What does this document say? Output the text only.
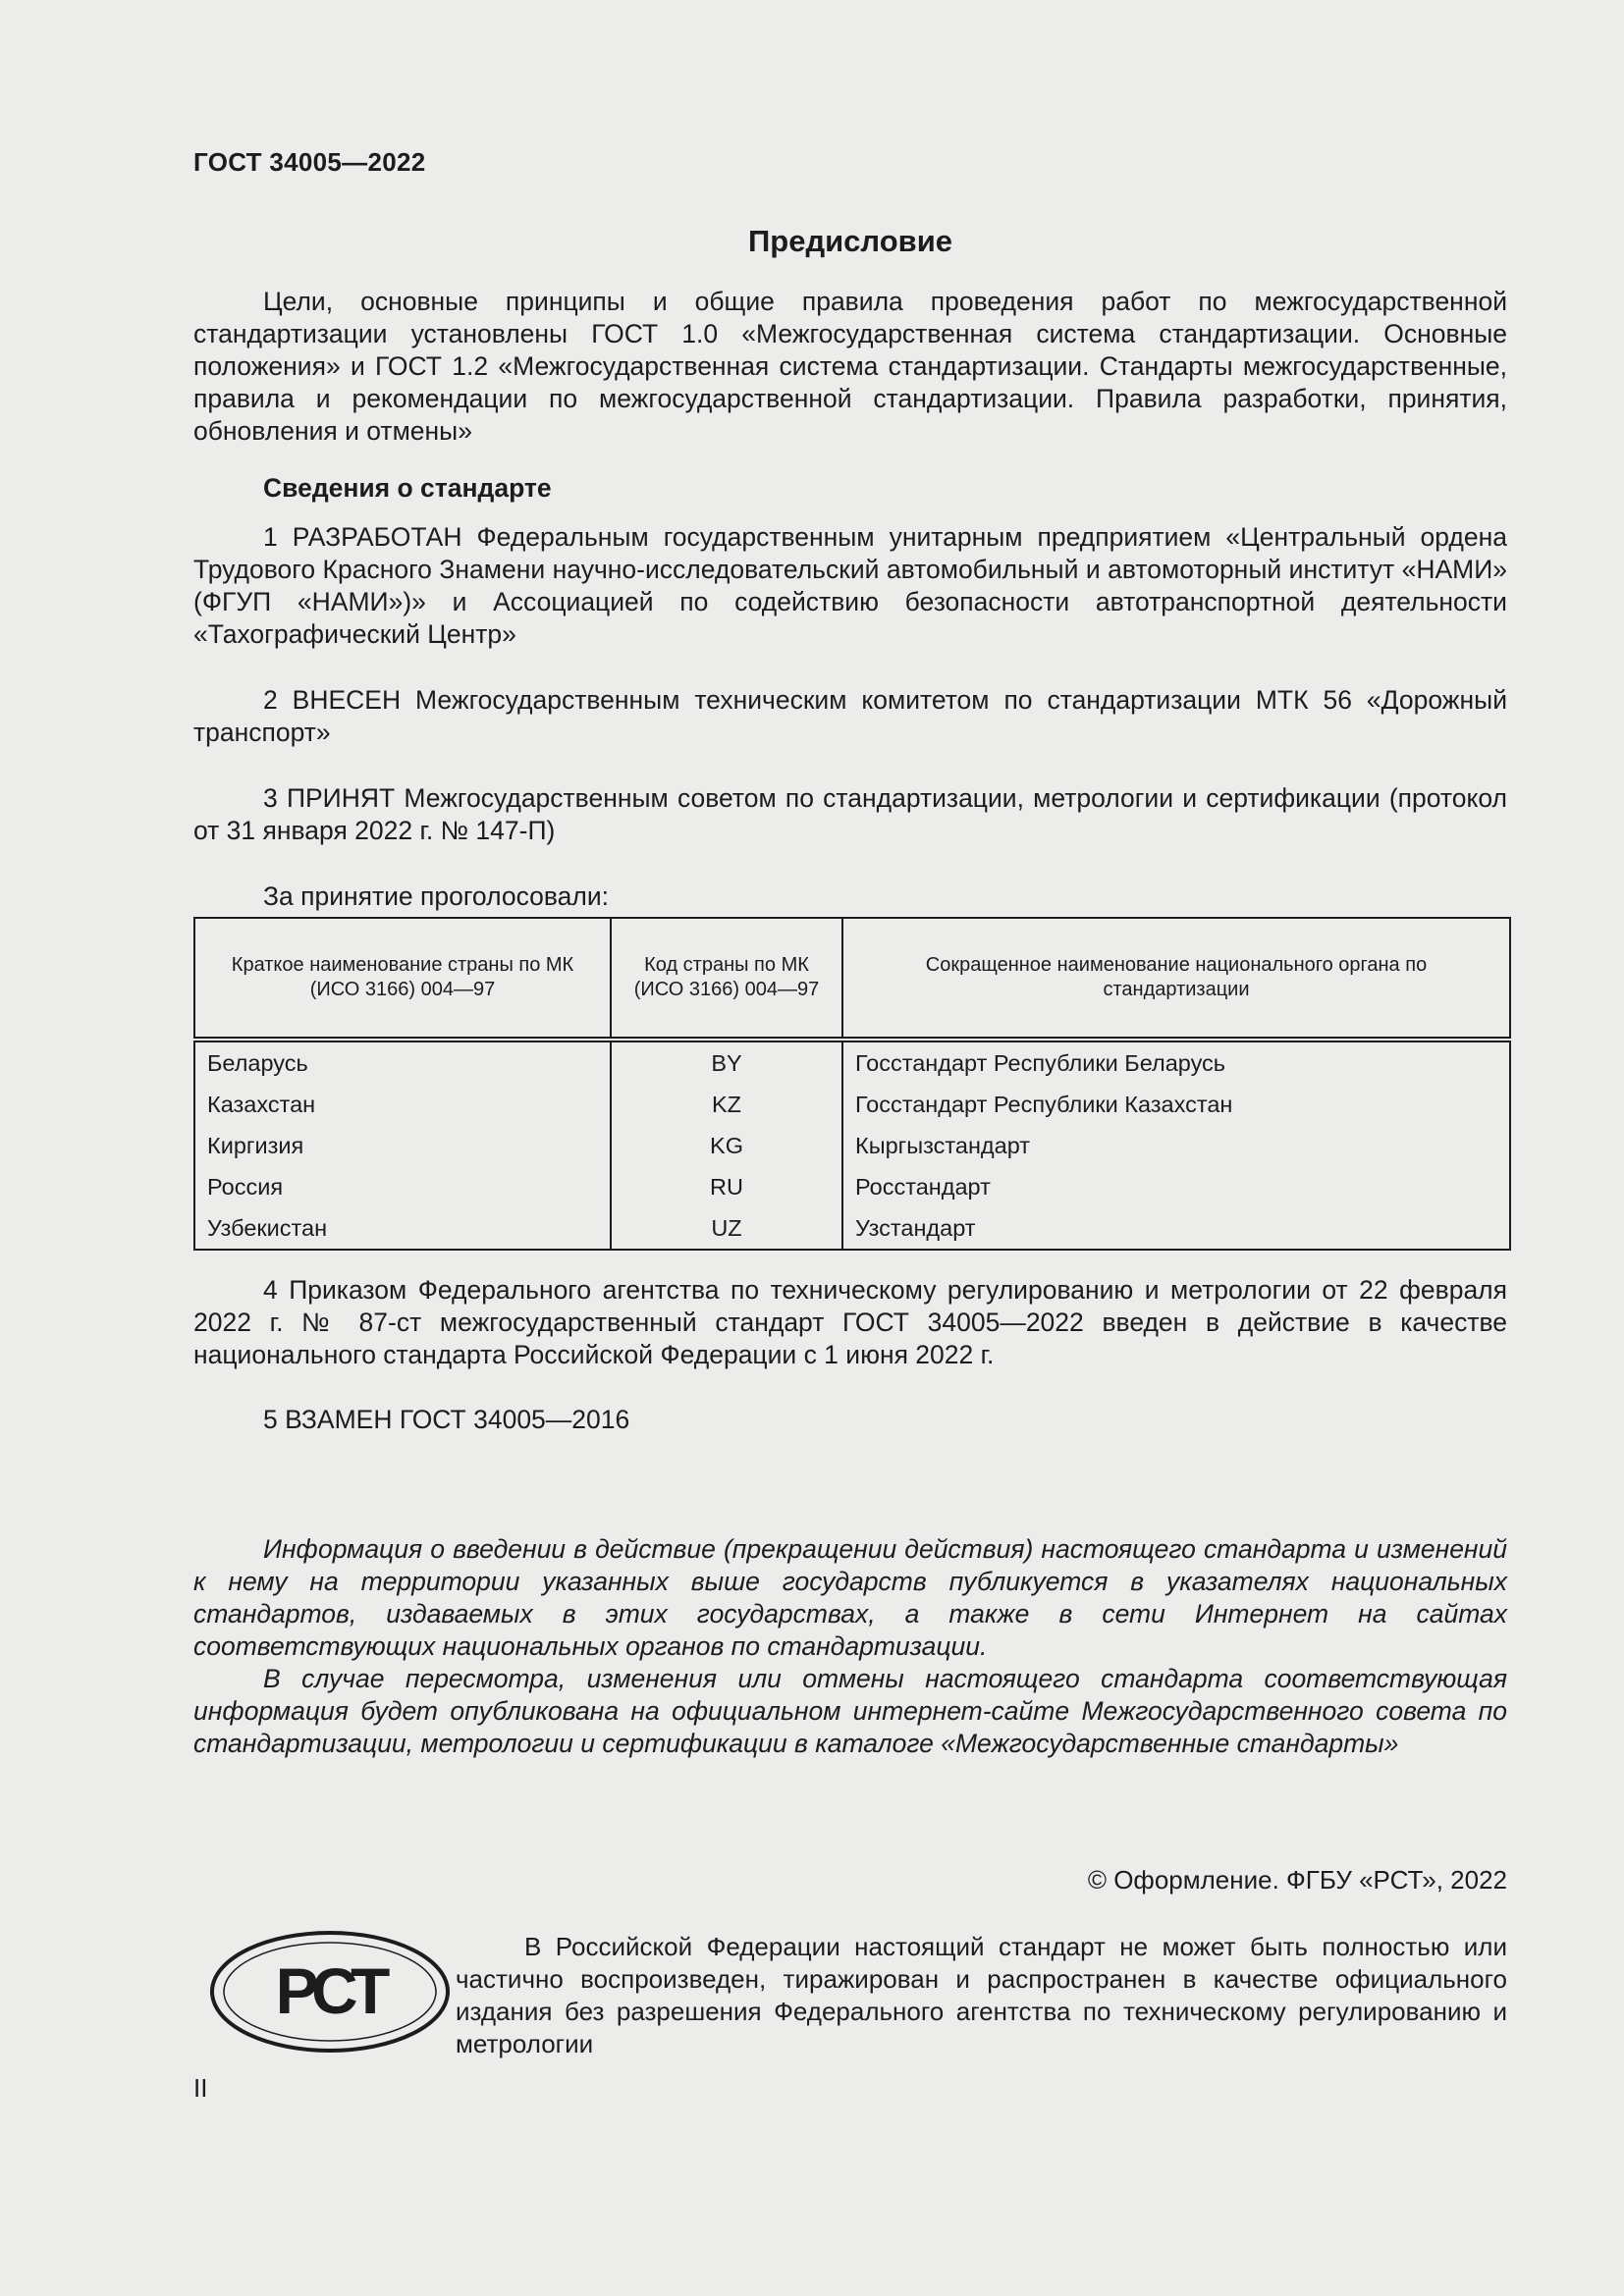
ГОСТ 34005—2022
Предисловие
Цели, основные принципы и общие правила проведения работ по межгосударственной стандартизации установлены ГОСТ 1.0 «Межгосударственная система стандартизации. Основные положения» и ГОСТ 1.2 «Межгосударственная система стандартизации. Стандарты межгосударственные, правила и рекомендации по межгосударственной стандартизации. Правила разработки, принятия, обновления и отмены»
Сведения о стандарте
1 РАЗРАБОТАН Федеральным государственным унитарным предприятием «Центральный ордена Трудового Красного Знамени научно-исследовательский автомобильный и автомоторный институт «НАМИ» (ФГУП «НАМИ»)» и Ассоциацией по содействию безопасности автотранспортной деятельности «Тахографический Центр»
2 ВНЕСЕН Межгосударственным техническим комитетом по стандартизации МТК 56 «Дорожный транспорт»
3 ПРИНЯТ Межгосударственным советом по стандартизации, метрологии и сертификации (протокол от 31 января 2022 г. № 147-П)
За принятие проголосовали:
Краткое наименование страны по МК (ИСО 3166) 004—97	Код страны по МК (ИСО 3166) 004—97	Сокращенное наименование национального органа по стандартизации
Беларусь	BY	Госстандарт Республики Беларусь
Казахстан	KZ	Госстандарт Республики Казахстан
Киргизия	KG	Кыргызстандарт
Россия	RU	Росстандарт
Узбекистан	UZ	Узстандарт
4 Приказом Федерального агентства по техническому регулированию и метрологии от 22 февраля 2022 г. № 87-ст межгосударственный стандарт ГОСТ 34005—2022 введен в действие в качестве национального стандарта Российской Федерации с 1 июня 2022 г.
5 ВЗАМЕН ГОСТ 34005—2016
Информация о введении в действие (прекращении действия) настоящего стандарта и изменений к нему на территории указанных выше государств публикуется в указателях национальных стандартов, издаваемых в этих государствах, а также в сети Интернет на сайтах соответствующих национальных органов по стандартизации.
В случае пересмотра, изменения или отмены настоящего стандарта соответствующая информация будет опубликована на официальном интернет-сайте Межгосударственного совета по стандартизации, метрологии и сертификации в каталоге «Межгосударственные стандарты»
© Оформление. ФГБУ «РСТ», 2022
РСТ
В Российской Федерации настоящий стандарт не может быть полностью или частично воспроизведен, тиражирован и распространен в качестве официального издания без разрешения Федерального агентства по техническому регулированию и метрологии
II
